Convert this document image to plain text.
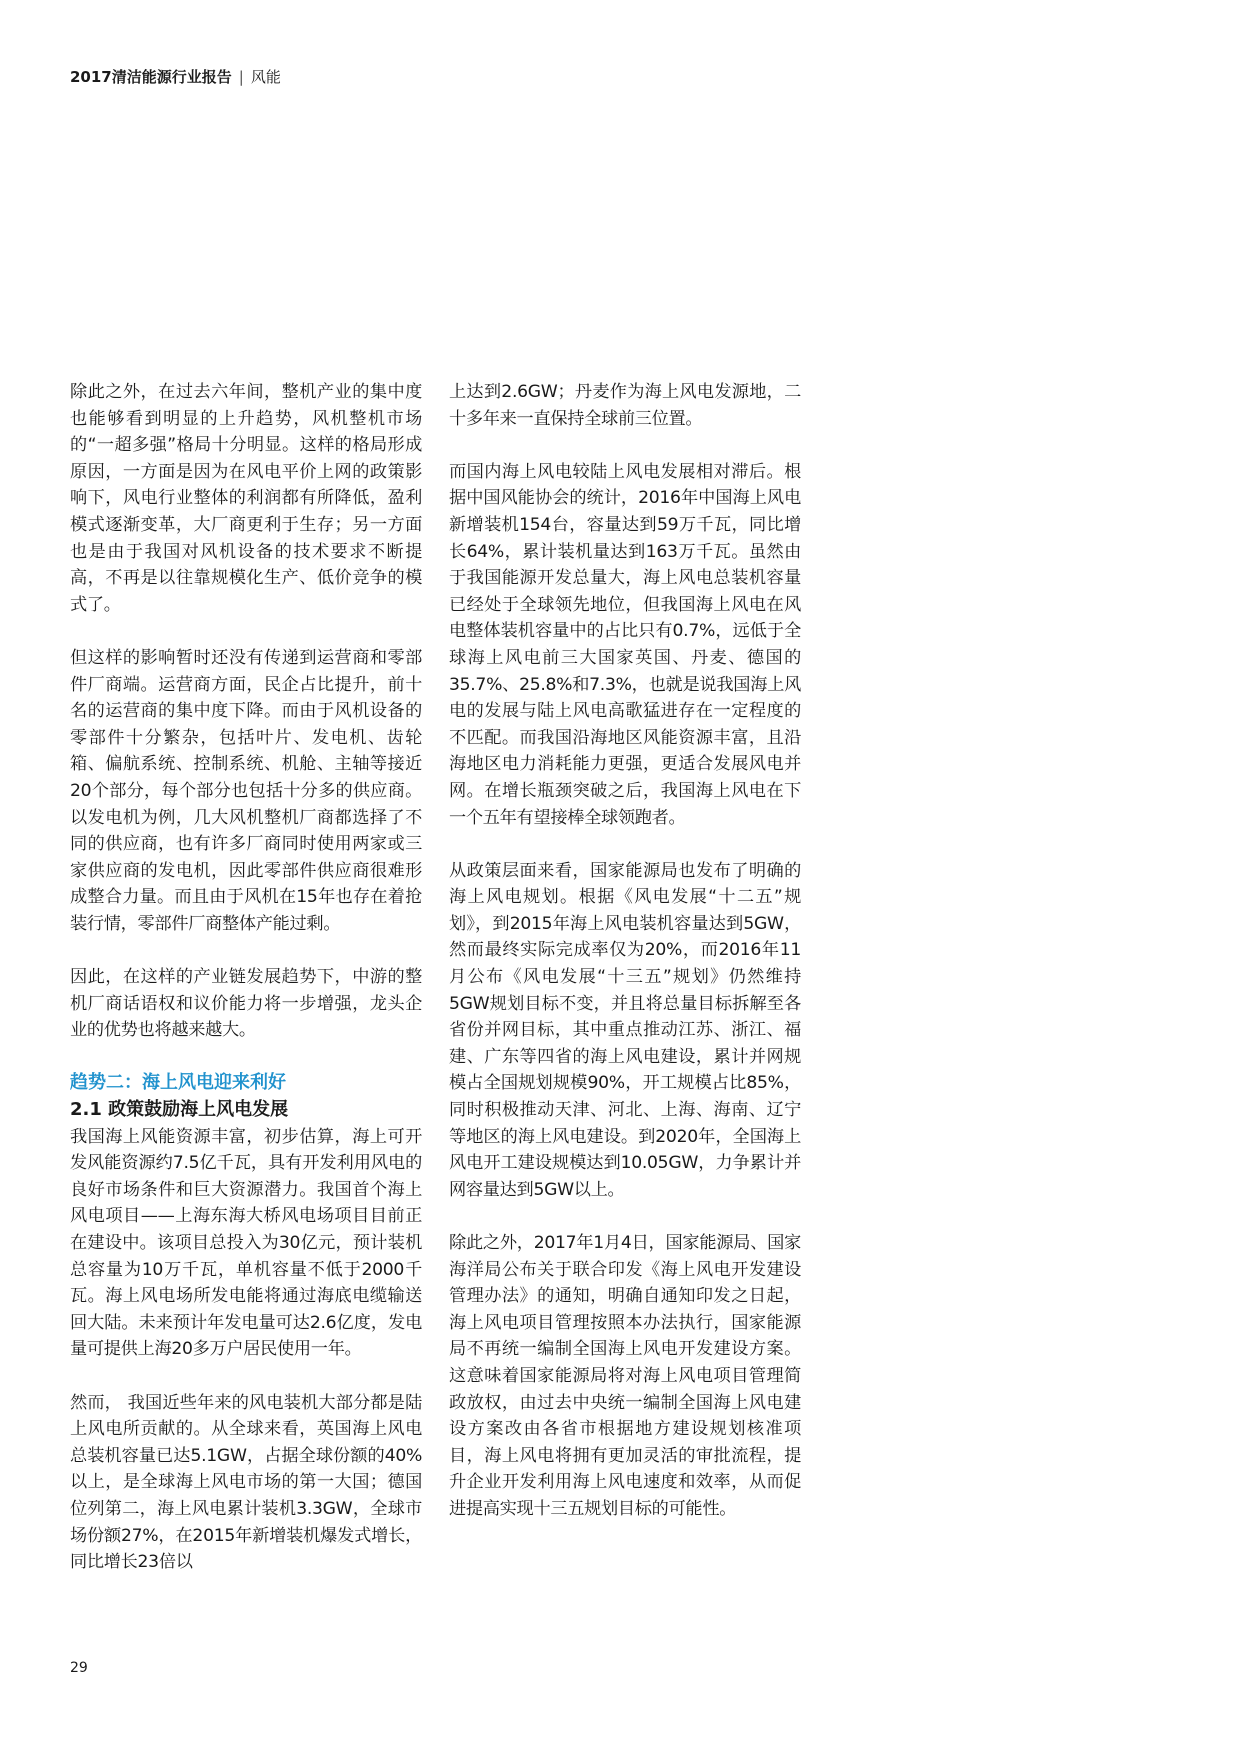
2017清洁能源行业报告 | 风能

除此之外，在过去六年间，整机产业的集中度也能够看到明显的上升趋势，风机整机市场的“一超多强”格局十分明显。这样的格局形成原因，一方面是因为在风电平价上网的政策影响下，风电行业整体的利润都有所降低，盈利模式逐渐变革，大厂商更利于生存；另一方面也是由于我国对风机设备的技术要求不断提高，不再是以往靠规模化生产、低价竞争的模式了。

但这样的影响暂时还没有传递到运营商和零部件厂商端。运营商方面，民企占比提升，前十名的运营商的集中度下降。而由于风机设备的零部件十分繁杂，包括叶片、发电机、齿轮箱、偏航系统、控制系统、机舱、主轴等接近20个部分，每个部分也包括十分多的供应商。以发电机为例，几大风机整机厂商都选择了不同的供应商，也有许多厂商同时使用两家或三家供应商的发电机，因此零部件供应商很难形成整合力量。而且由于风机在15年也存在着抢装行情，零部件厂商整体产能过剩。

因此，在这样的产业链发展趋势下，中游的整机厂商话语权和议价能力将一步增强，龙头企业的优势也将越来越大。

趋势二：海上风电迎来利好
2.1 政策鼓励海上风电发展

我国海上风能资源丰富，初步估算，海上可开发风能资源约7.5亿千瓦，具有开发利用风电的良好市场条件和巨大资源潜力。我国首个海上风电项目——上海东海大桥风电场项目目前正在建设中。该项目总投入为30亿元，预计装机总容量为10万千瓦，单机容量不低于2000千瓦。海上风电场所发电能将通过海底电缆输送回大陆。未来预计年发电量可达2.6亿度，发电量可提供上海20多万户居民使用一年。

然而， 我国近些年来的风电装机大部分都是陆上风电所贡献的。从全球来看，英国海上风电总装机容量已达5.1GW，占据全球份额的40%以上，是全球海上风电市场的第一大国；德国位列第二，海上风电累计装机3.3GW，全球市场份额27%，在2015年新增装机爆发式增长，同比增长23倍以

上达到2.6GW；丹麦作为海上风电发源地，二十多年来一直保持全球前三位置。

而国内海上风电较陆上风电发展相对滞后。根据中国风能协会的统计，2016年中国海上风电新增装机154台，容量达到59万千瓦，同比增长64%，累计装机量达到163万千瓦。虽然由于我国能源开发总量大，海上风电总装机容量已经处于全球领先地位，但我国海上风电在风电整体装机容量中的占比只有0.7%，远低于全球海上风电前三大国家英国、丹麦、德国的35.7%、25.8%和7.3%，也就是说我国海上风电的发展与陆上风电高歌猛进存在一定程度的不匹配。而我国沿海地区风能资源丰富，且沿海地区电力消耗能力更强，更适合发展风电并网。在增长瓶颈突破之后，我国海上风电在下一个五年有望接棒全球领跑者。

从政策层面来看，国家能源局也发布了明确的海上风电规划。根据《风电发展“十二五”规划》，到2015年海上风电装机容量达到5GW，然而最终实际完成率仅为20%，而2016年11月公布《风电发展“十三五”规划》仍然维持5GW规划目标不变，并且将总量目标拆解至各省份并网目标，其中重点推动江苏、浙江、福建、广东等四省的海上风电建设，累计并网规模占全国规划规模90%，开工规模占比85%，同时积极推动天津、河北、上海、海南、辽宁等地区的海上风电建设。到2020年，全国海上风电开工建设规模达到10.05GW，力争累计并网容量达到5GW以上。

除此之外，2017年1月4日，国家能源局、国家海洋局公布关于联合印发《海上风电开发建设管理办法》的通知，明确自通知印发之日起，海上风电项目管理按照本办法执行，国家能源局不再统一编制全国海上风电开发建设方案。这意味着国家能源局将对海上风电项目管理简政放权，由过去中央统一编制全国海上风电建设方案改由各省市根据地方建设规划核准项目，海上风电将拥有更加灵活的审批流程，提升企业开发利用海上风电速度和效率，从而促进提高实现十三五规划目标的可能性。

29
